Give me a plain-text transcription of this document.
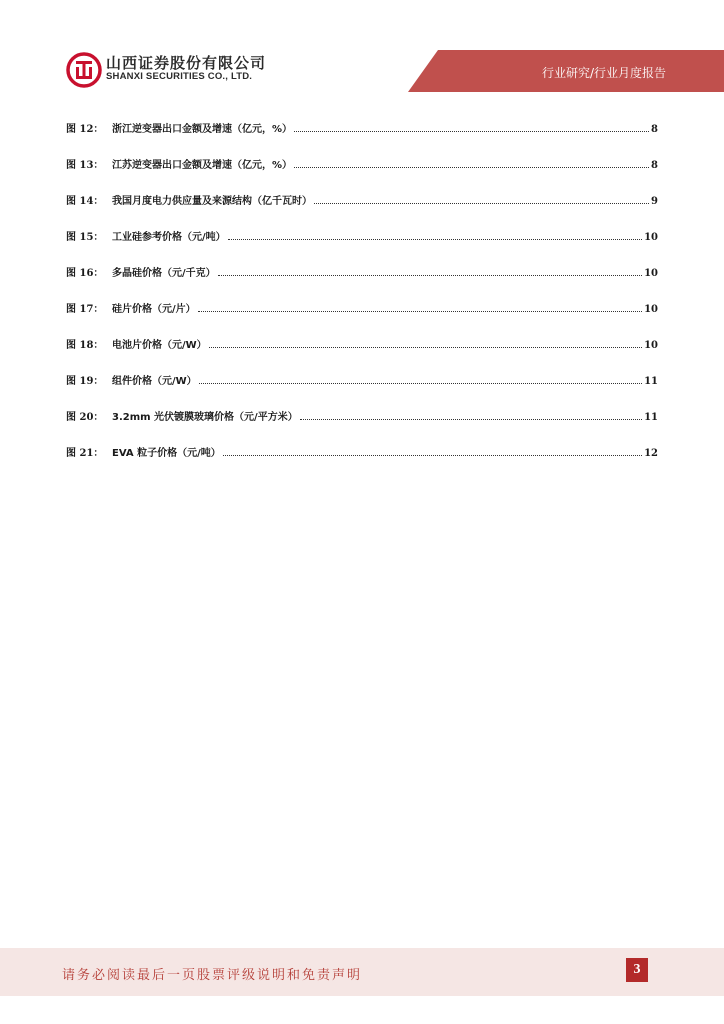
山西证券股份有限公司
SHANXI SECURITIES CO., LTD.	行业研究/行业月度报告
图 12： 浙江逆变器出口金额及增速（亿元，%）	8
图 13： 江苏逆变器出口金额及增速（亿元，%）	8
图 14： 我国月度电力供应量及来源结构（亿千瓦时）	9
图 15： 工业硅参考价格（元/吨）	10
图 16： 多晶硅价格（元/千克）	10
图 17： 硅片价格（元/片）	10
图 18： 电池片价格（元/W）	10
图 19： 组件价格（元/W）	11
图 20： 3.2mm 光伏镀膜玻璃价格（元/平方米）	11
图 21： EVA 粒子价格（元/吨）	12
请务必阅读最后一页股票评级说明和免责声明	3
